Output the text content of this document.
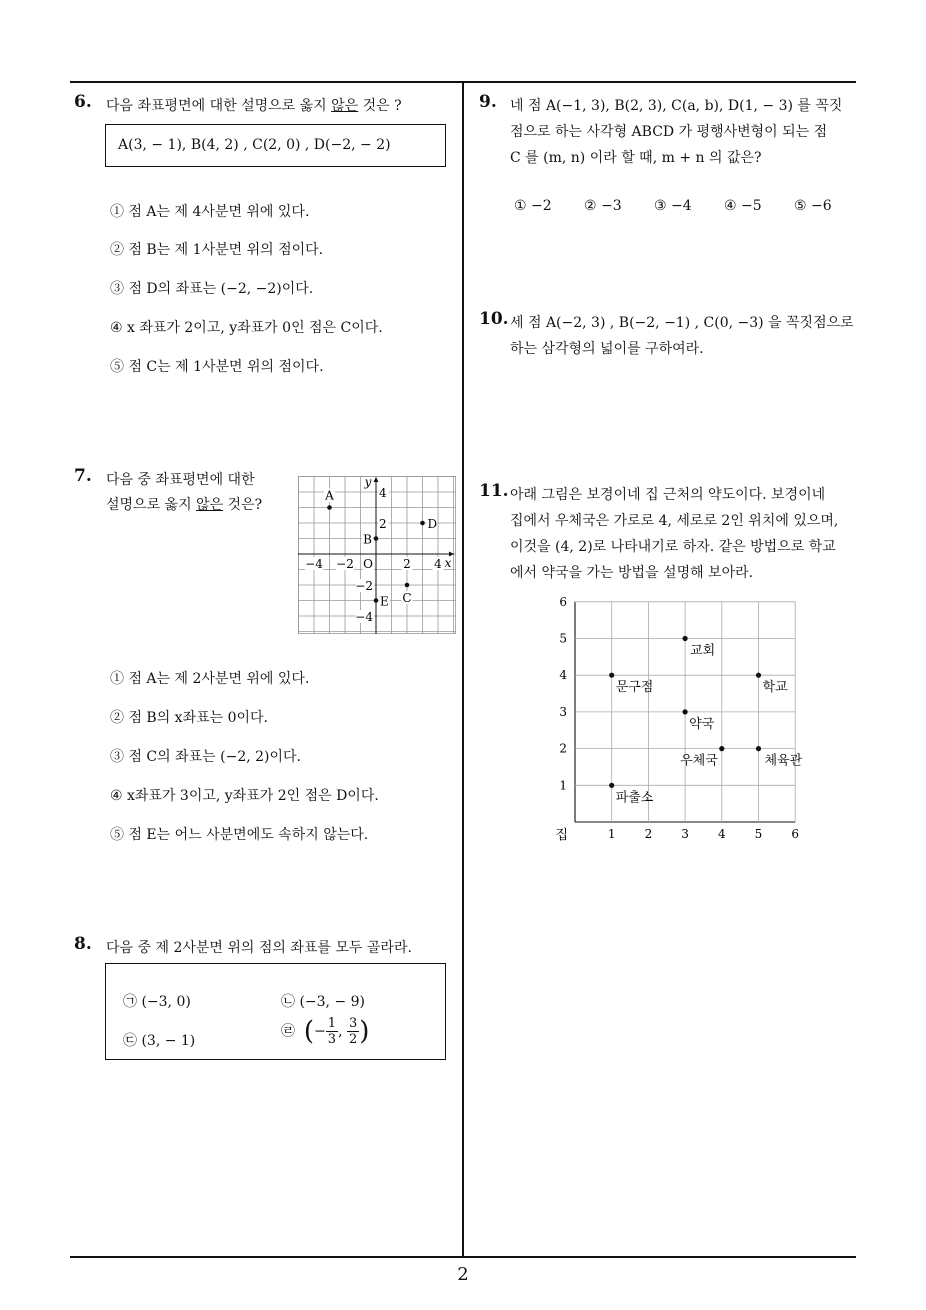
2
6. 다음 좌표평면에 대한 설명으로 옳지 않은 것은 ?
A(3, − 1), B(4, 2) , C(2, 0) , D(−2, − 2)
① 점 A는 제 4사분면 위에 있다.
② 점 B는 제 1사분면 위의 점이다.
③ 점 D의 좌표는 (−2, −2)이다.
④ x 좌표가 2이고, y좌표가 0인 점은 C이다.
⑤ 점 C는 제 1사분면 위의 점이다.
7. 다음 중 좌표평면에 대한
설명으로 옳지 않은 것은?
−4 −2	2 4
4
2
−2
−4
O	x
y
A
B
D
C
E
① 점 A는 제 2사분면 위에 있다.
② 점 B의 x좌표는 0이다.
③ 점 C의 좌표는 (−2, 2)이다.
④ x좌표가 3이고, y좌표가 2인 점은 D이다.
⑤ 점 E는 어느 사분면에도 속하지 않는다.
8. 다음 중 제 2사분면 위의 점의 좌표를 모두 골라라.
㉠ (−3, 0)	㉡ (−3, − 9)
㉢ (3, − 1)
㉣ (− $\frac{1}{3}$ , $\frac{3}{2}$ )
9. 네 점 A(−1, 3), B(2, 3), C(a, b), D(1, − 3) 를 꼭짓
점으로 하는 사각형 ABCD 가 평행사변형이 되는 점
C 를 (m, n) 이라 할 때, m + n 의 값은?
① −2 ② −3 ③ −4 ④ −5 ⑤ −6
10. 세 점 A(−2, 3) , B(−2, −1) , C(0, −3) 을 꼭짓점으로
하는 삼각형의 넓이를 구하여라.
11. 아래 그림은 보경이네 집 근처의 약도이다. 보경이네
집에서 우체국은 가로로 4, 세로로 2인 위치에 있으며,
이것을 (4, 2)로 나타내기로 하자. 같은 방법으로 학교
에서 약국을 가는 방법을 설명해 보아라.
1 2 3 4 5 6
1
2
3
4
5
6
집
교회
문구점	학교
약국
우체국	체육관
파출소
